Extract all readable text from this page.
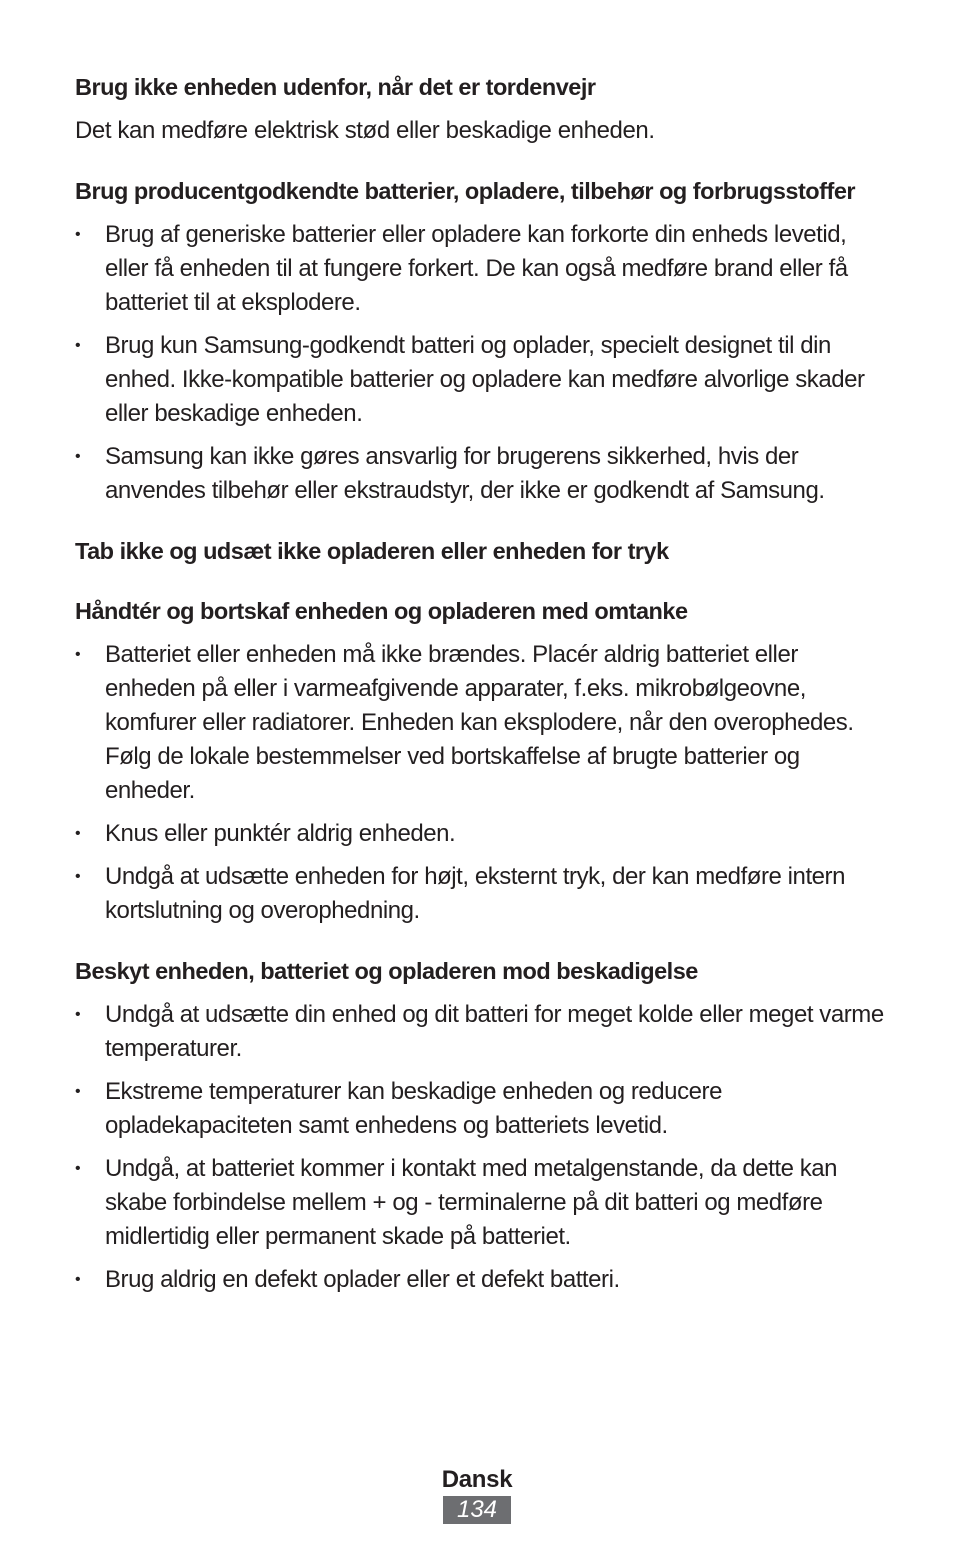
Brug ikke enheden udenfor, når det er tordenvejr

Det kan medføre elektrisk stød eller beskadige enheden.

Brug producentgodkendte batterier, opladere, tilbehør og forbrugsstoffer
•	Brug af generiske batterier eller opladere kan forkorte din enheds levetid, eller få enheden til at fungere forkert. De kan også medføre brand eller få batteriet til at eksplodere.
•	Brug kun Samsung-godkendt batteri og oplader, specielt designet til din enhed. Ikke-kompatible batterier og opladere kan medføre alvorlige skader eller beskadige enheden.
•	Samsung kan ikke gøres ansvarlig for brugerens sikkerhed, hvis der anvendes tilbehør eller ekstraudstyr, der ikke er godkendt af Samsung.
Tab ikke og udsæt ikke opladeren eller enheden for tryk
Håndtér og bortskaf enheden og opladeren med omtanke
•	Batteriet eller enheden må ikke brændes. Placér aldrig batteriet eller enheden på eller i varmeafgivende apparater, f.eks. mikrobølgeovne, komfurer eller radiatorer. Enheden kan eksplodere, når den overophedes. Følg de lokale bestemmelser ved bortskaffelse af brugte batterier og enheder.
•	Knus eller punktér aldrig enheden.
•	Undgå at udsætte enheden for højt, eksternt tryk, der kan medføre intern kortslutning og overophedning.
Beskyt enheden, batteriet og opladeren mod beskadigelse
•	Undgå at udsætte din enhed og dit batteri for meget kolde eller meget varme temperaturer.
•	Ekstreme temperaturer kan beskadige enheden og reducere opladekapaciteten samt enhedens og batteriets levetid.
•	Undgå, at batteriet kommer i kontakt med metalgenstande, da dette kan skabe forbindelse mellem + og - terminalerne på dit batteri og medføre midlertidig eller permanent skade på batteriet.
•	Brug aldrig en defekt oplader eller et defekt batteri.
Dansk
134
